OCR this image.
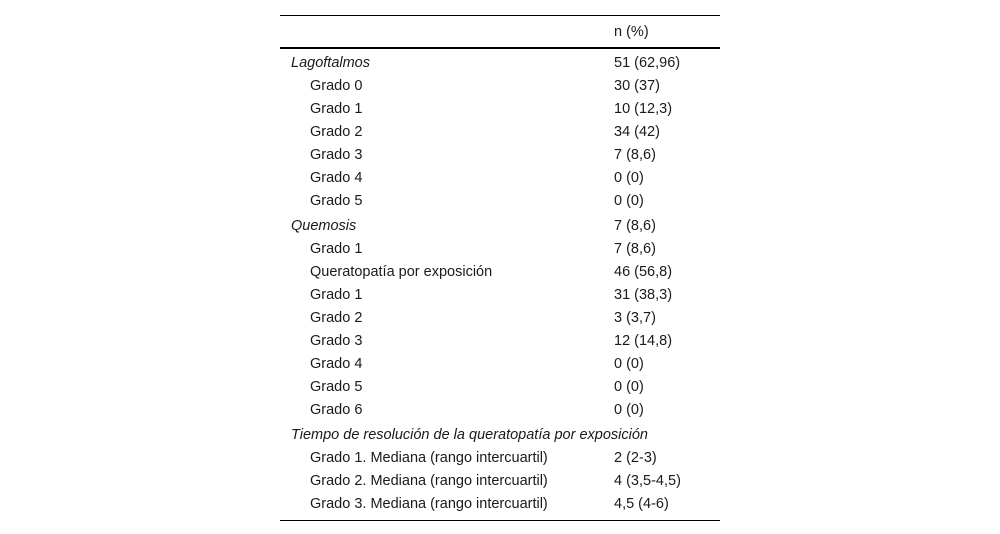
n (%)
Lagoftalmos	51 (62,96)
Grado 0	30 (37)
Grado 1	10 (12,3)
Grado 2	34 (42)
Grado 3	7 (8,6)
Grado 4	0 (0)
Grado 5	0 (0)
Quemosis	7 (8,6)
Grado 1	7 (8,6)
Queratopatía por exposición	46 (56,8)
Grado 1	31 (38,3)
Grado 2	3 (3,7)
Grado 3	12 (14,8)
Grado 4	0 (0)
Grado 5	0 (0)
Grado 6	0 (0)
Tiempo de resolución de la queratopatía por exposición
Grado 1. Mediana (rango intercuartil)	2 (2-3)
Grado 2. Mediana (rango intercuartil)	4 (3,5-4,5)
Grado 3. Mediana (rango intercuartil)	4,5 (4-6)
